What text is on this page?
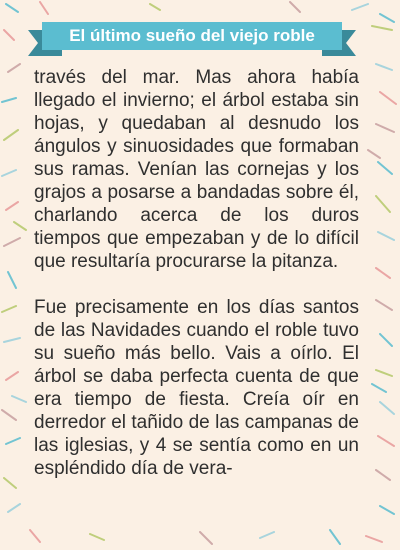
El último sueño del viejo roble

través del mar. Mas ahora había llegado el invierno; el árbol estaba sin hojas, y quedaban al desnudo los ángulos y sinuosidades que formaban sus ramas. Venían las cornejas y los grajos a posarse a bandadas sobre él, charlando acerca de los duros tiempos que empezaban y de lo difícil que resultaría procurarse la pitanza.

Fue precisamente en los días santos de las Navidades cuando el roble tuvo su sueño más bello. Vais a oírlo. El árbol se daba perfecta cuenta de que era tiempo de fiesta. Creía oír en derredor el tañido de las campanas de las iglesias, y 4 se sentía como en un espléndido día de vera-
